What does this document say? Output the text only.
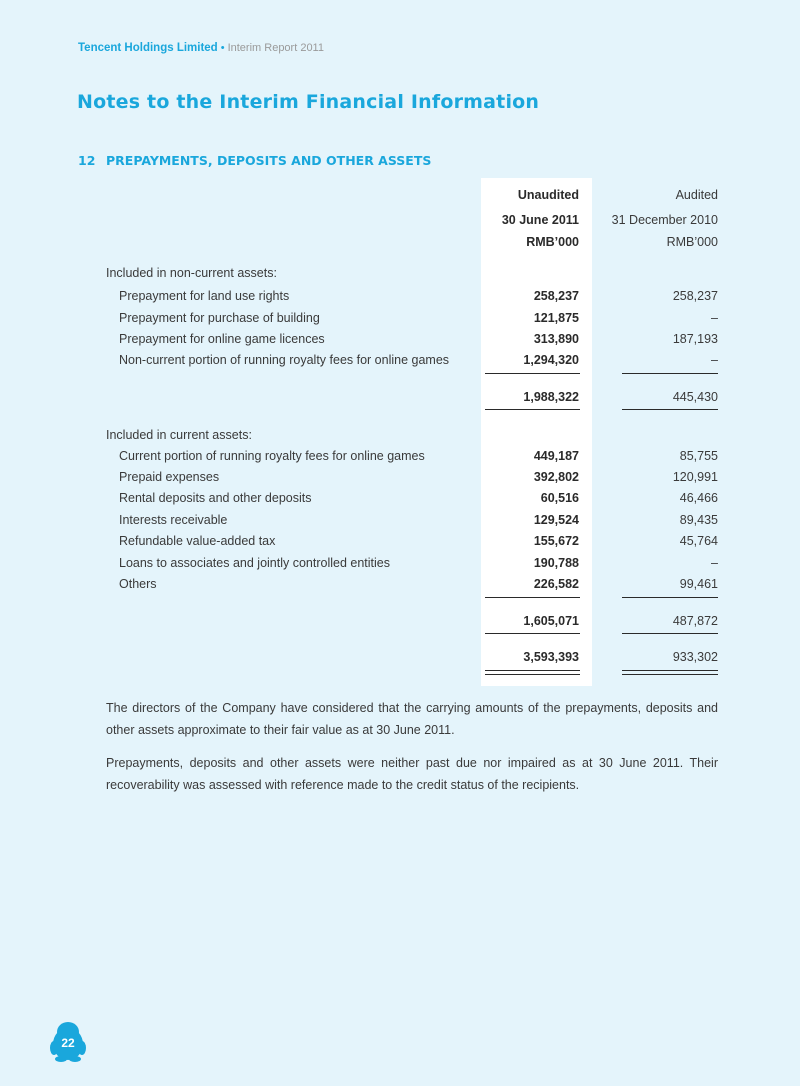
Tencent Holdings Limited • Interim Report 2011
Notes to the Interim Financial Information
12 PREPAYMENTS, DEPOSITS AND OTHER ASSETS
Unaudited	Audited
30 June 2011	31 December 2010
RMB’000	RMB’000
Included in non-current assets:
Prepayment for land use rights	258,237	258,237
Prepayment for purchase of building	121,875	–
Prepayment for online game licences	313,890	187,193
Non-current portion of running royalty fees for online games	1,294,320	–
1,988,322	445,430
Included in current assets:
Current portion of running royalty fees for online games	449,187	85,755
Prepaid expenses	392,802	120,991
Rental deposits and other deposits	60,516	46,466
Interests receivable	129,524	89,435
Refundable value-added tax	155,672	45,764
Loans to associates and jointly controlled entities	190,788	–
Others	226,582	99,461
1,605,071	487,872
3,593,393	933,302

The directors of the Company have considered that the carrying amounts of the prepayments, deposits and other assets approximate to their fair value as at 30 June 2011.

Prepayments, deposits and other assets were neither past due nor impaired as at 30 June 2011. Their recoverability was assessed with reference made to the credit status of the recipients.

22
